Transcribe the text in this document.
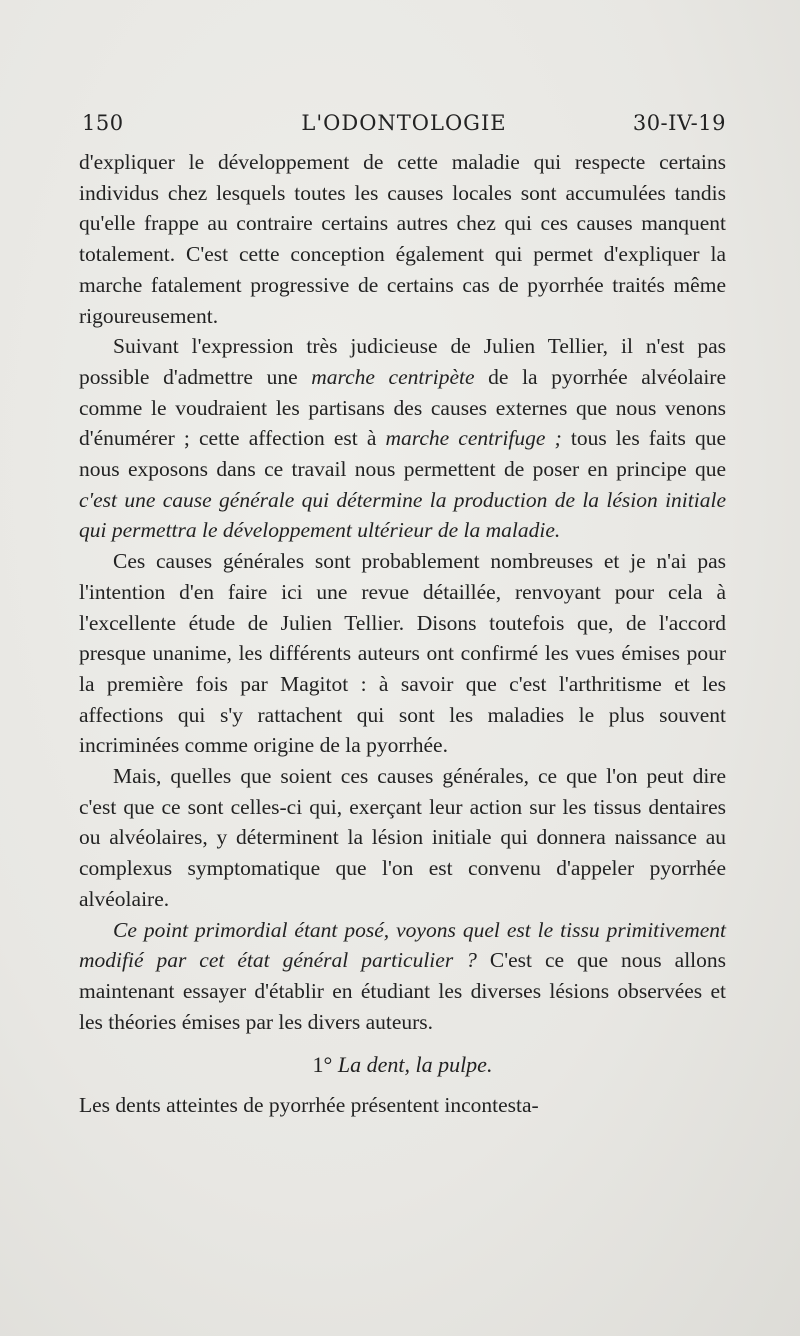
150	L'ODONTOLOGIE	30-IV-19

d'expliquer le développement de cette maladie qui respecte certains individus chez lesquels toutes les causes locales sont accumulées tandis qu'elle frappe au contraire certains autres chez qui ces causes manquent totalement. C'est cette conception également qui permet d'expliquer la marche fatalement progressive de certains cas de pyorrhée traités même rigoureusement.

Suivant l'expression très judicieuse de Julien Tellier, il n'est pas possible d'admettre une marche centripète de la pyorrhée alvéolaire comme le voudraient les partisans des causes externes que nous venons d'énumérer ; cette affection est à marche centrifuge ; tous les faits que nous exposons dans ce travail nous permettent de poser en principe que c'est une cause générale qui détermine la production de la lésion initiale qui permettra le développement ultérieur de la maladie.

Ces causes générales sont probablement nombreuses et je n'ai pas l'intention d'en faire ici une revue détaillée, renvoyant pour cela à l'excellente étude de Julien Tellier. Disons toutefois que, de l'accord presque unanime, les différents auteurs ont confirmé les vues émises pour la première fois par Magitot : à savoir que c'est l'arthritisme et les affections qui s'y rattachent qui sont les maladies le plus souvent incriminées comme origine de la pyorrhée.

Mais, quelles que soient ces causes générales, ce que l'on peut dire c'est que ce sont celles-ci qui, exerçant leur action sur les tissus dentaires ou alvéolaires, y déterminent la lésion initiale qui donnera naissance au complexus symptomatique que l'on est convenu d'appeler pyorrhée alvéolaire.

Ce point primordial étant posé, voyons quel est le tissu primitivement modifié par cet état général particulier ? C'est ce que nous allons maintenant essayer d'établir en étudiant les diverses lésions observées et les théories émises par les divers auteurs.

1° La dent, la pulpe.

Les dents atteintes de pyorrhée présentent incontesta-
